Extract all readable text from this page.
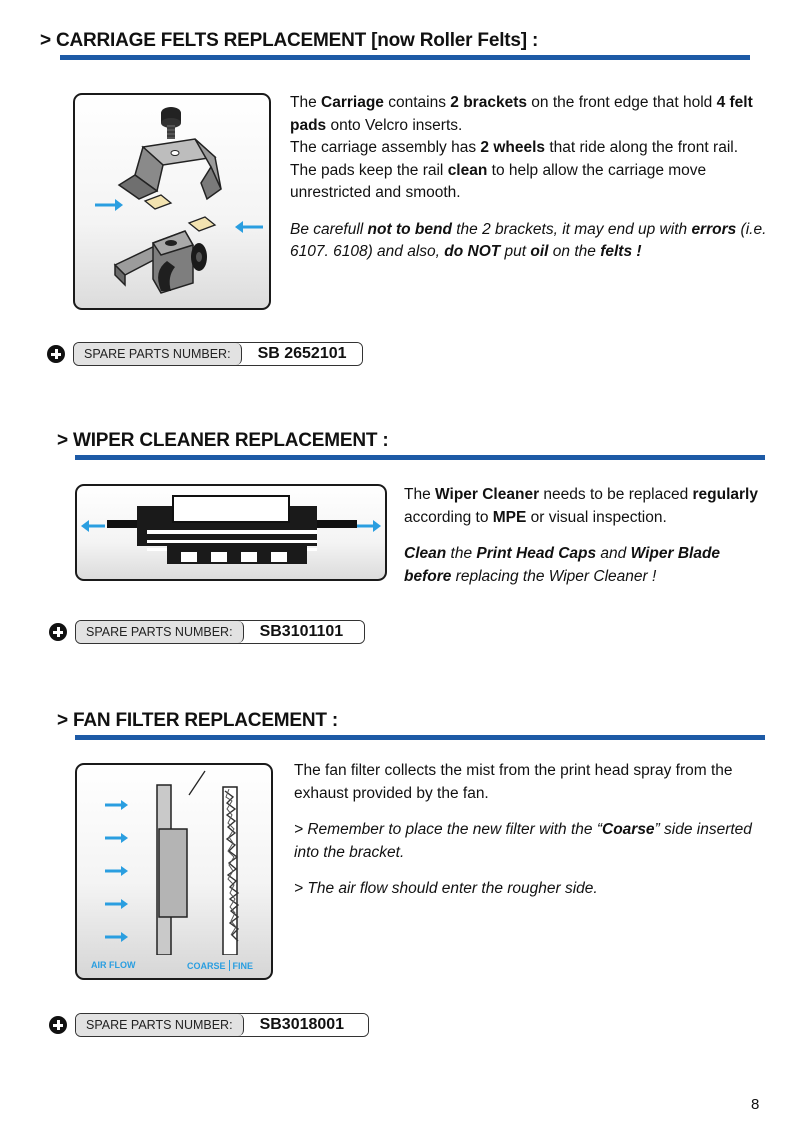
> CARRIAGE FELTS REPLACEMENT [now Roller Felts] :

The Carriage contains 2 brackets on the front edge that hold 4 felt pads onto Velcro inserts.

The carriage assembly has 2 wheels that ride along the front rail.

The pads keep the rail clean to help allow the carriage move unrestricted and smooth.

Be carefull not to bend the 2 brackets, it may end up with errors (i.e. 6107. 6108) and also, do NOT put oil on the felts !

SPARE PARTS NUMBER:	SB 2652101
> WIPER CLEANER REPLACEMENT :

The Wiper Cleaner needs to be replaced regularly according to MPE or visual inspection.

Clean the Print Head Caps and Wiper Blade before replacing the Wiper Cleaner !

SPARE PARTS NUMBER:	SB3101101
> FAN FILTER REPLACEMENT :
AIR FLOW	COARSE FINE

The fan filter collects the mist from the print head spray from the exhaust provided by the fan.

> Remember to place the new filter with the “Coarse” side inserted into the bracket.

> The air flow should enter the rougher side.

SPARE PARTS NUMBER:	SB3018001
8
